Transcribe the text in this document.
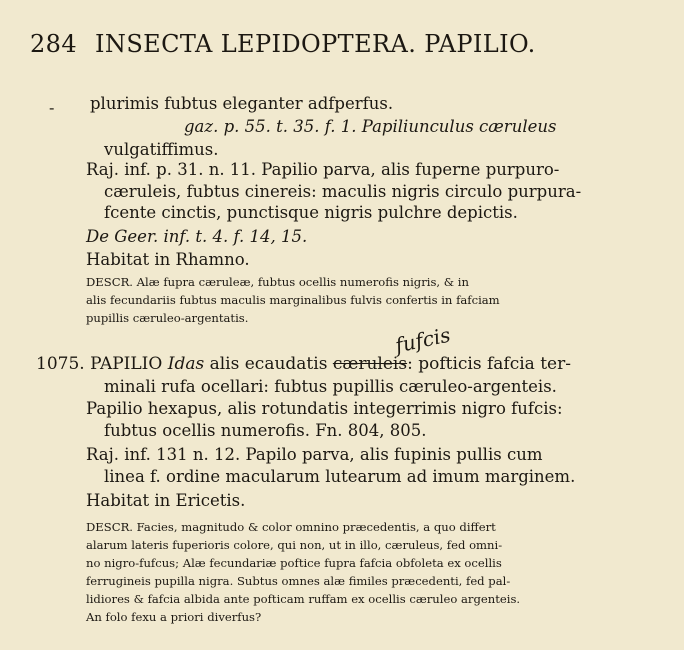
284 INSECTA LEPIDOPTERA. PAPILIO.
- plurimis fubtus eleganter adfperfus.
gaz. p. 55. t. 35. f. 1. Papiliunculus cæruleus
vulgatiffimus.
Raj. inf. p. 31. n. 11. Papilio parva, alis fuperne purpuro-
cæruleis, fubtus cinereis: maculis nigris circulo purpura-
fcente cinctis, punctisque nigris pulchre depictis.
De Geer. inf. t. 4. f. 14, 15.
Habitat in Rhamno.
DESCR. Alæ fupra cæruleæ, fubtus ocellis numerofis nigris, & in
alis fecundariis fubtus maculis marginalibus fulvis confertis in fafciam
pupillis cæruleo-argentatis.
fufcis
1075. PAPILIO Idas alis ecaudatis cæruleis: pofticis fafcia ter-
minali rufa ocellari: fubtus pupillis cæruleo-argenteis.
Papilio hexapus, alis rotundatis integerrimis nigro fufcis:
fubtus ocellis numerofis. Fn. 804, 805.
Raj. inf. 131 n. 12. Papilo parva, alis fupinis pullis cum
linea f. ordine macularum lutearum ad imum marginem.
Habitat in Ericetis.
DESCR. Facies, magnitudo & color omnino præcedentis, a quo differt
alarum lateris fuperioris colore, qui non, ut in illo, cæruleus, fed omni-
no nigro-fufcus; Alæ fecundariæ poftice fupra fafcia obfoleta ex ocellis
ferrugineis pupilla nigra. Subtus omnes alæ fimiles præcedenti, fed pal-
lidiores & fafcia albida ante pofticam ruffam ex ocellis cæruleo argenteis.
An folo fexu a priori diverfus?
